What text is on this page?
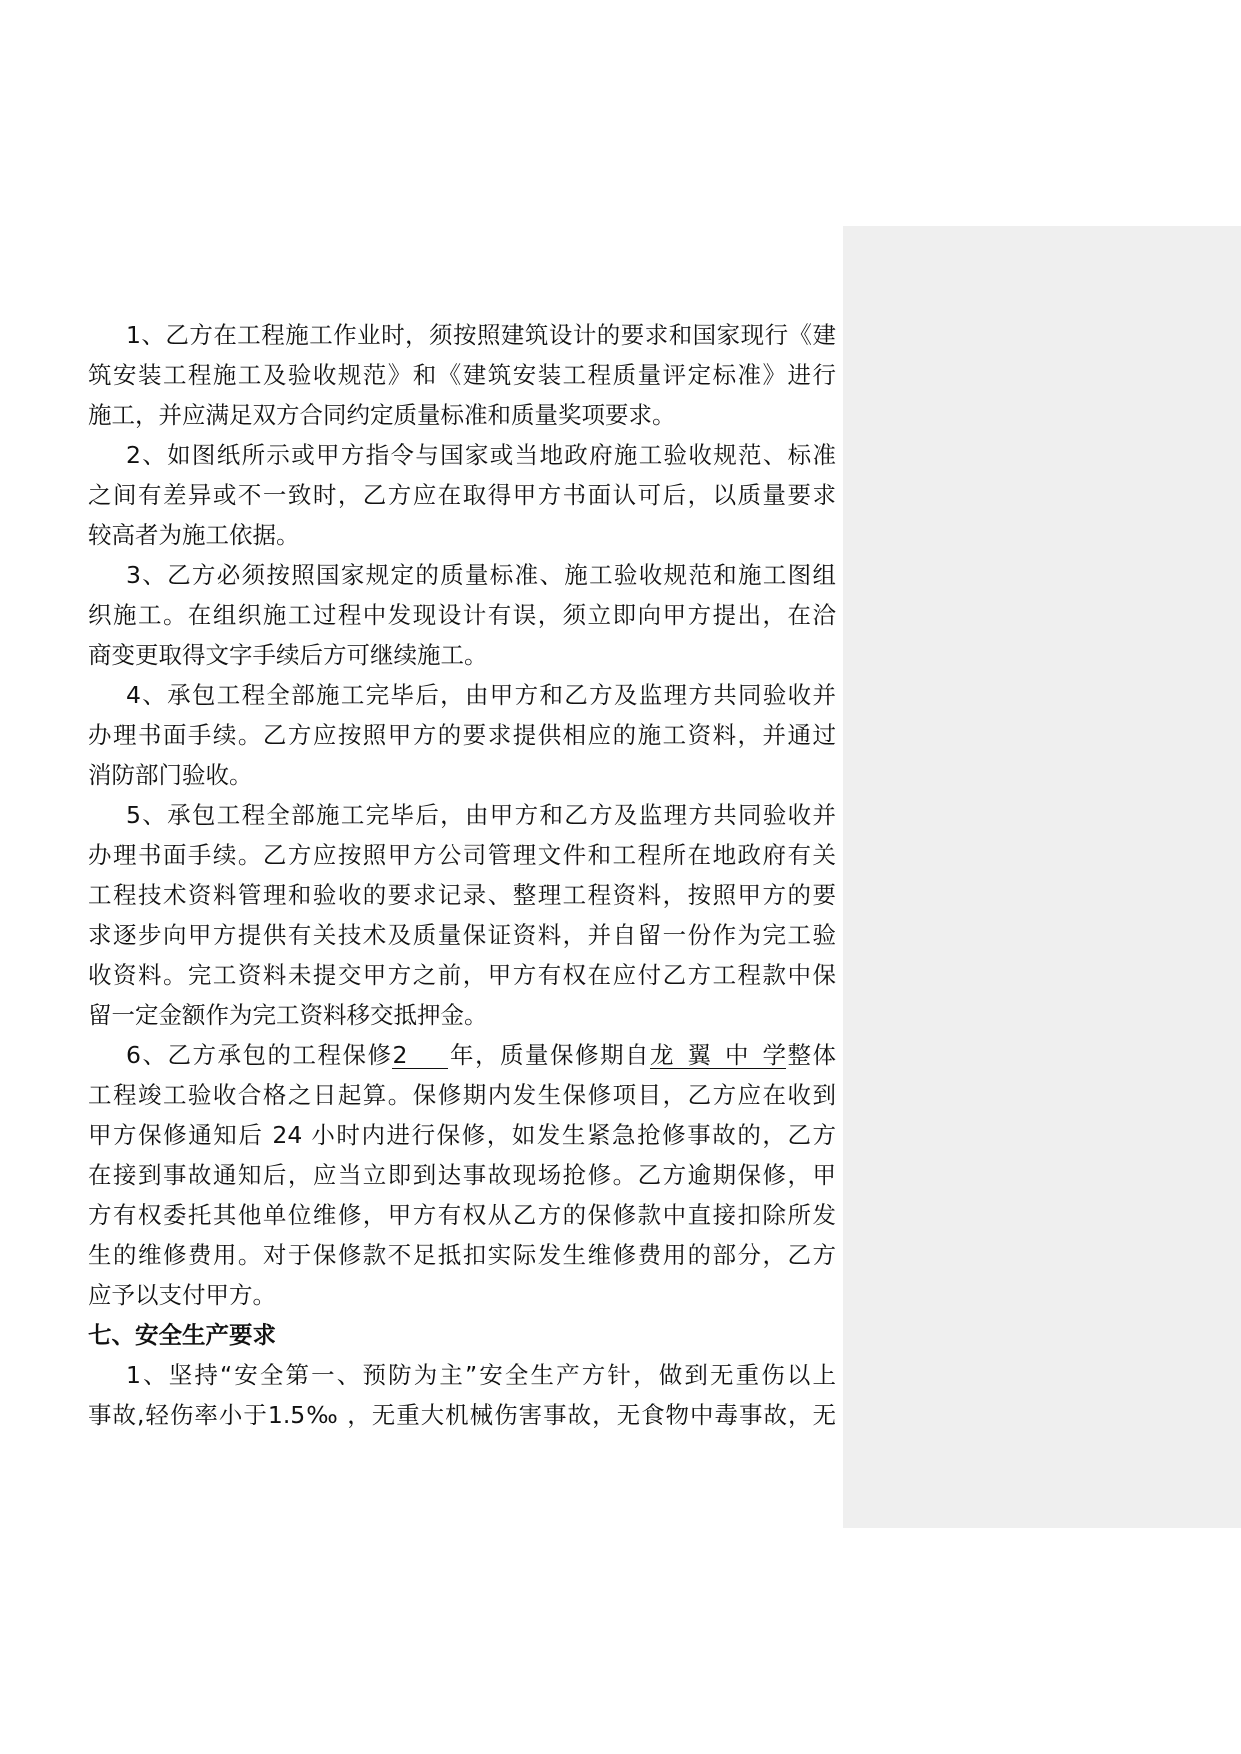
1、乙方在工程施工作业时，须按照建筑设计的要求和国家现行《建
筑安装工程施工及验收规范》和《建筑安装工程质量评定标准》进行
施工，并应满足双方合同约定质量标准和质量奖项要求。
2、如图纸所示或甲方指令与国家或当地政府施工验收规范、标准
之间有差异或不一致时，乙方应在取得甲方书面认可后，以质量要求
较高者为施工依据。
3、乙方必须按照国家规定的质量标准、施工验收规范和施工图组
织施工。在组织施工过程中发现设计有误，须立即向甲方提出，在洽
商变更取得文字手续后方可继续施工。
4、承包工程全部施工完毕后，由甲方和乙方及监理方共同验收并
办理书面手续。乙方应按照甲方的要求提供相应的施工资料，并通过
消防部门验收。
5、承包工程全部施工完毕后，由甲方和乙方及监理方共同验收并
办理书面手续。乙方应按照甲方公司管理文件和工程所在地政府有关
工程技术资料管理和验收的要求记录、整理工程资料，按照甲方的要
求逐步向甲方提供有关技术及质量保证资料，并自留一份作为完工验
收资料。完工资料未提交甲方之前，甲方有权在应付乙方工程款中保
留一定金额作为完工资料移交抵押金。
6、乙方承包的工程保修2 年，质量保修期自龙翼中学整体
工程竣工验收合格之日起算。保修期内发生保修项目，乙方应在收到
甲方保修通知后 24 小时内进行保修，如发生紧急抢修事故的，乙方
在接到事故通知后，应当立即到达事故现场抢修。乙方逾期保修，甲
方有权委托其他单位维修，甲方有权从乙方的保修款中直接扣除所发
生的维修费用。对于保修款不足抵扣实际发生维修费用的部分，乙方
应予以支付甲方。
七、安全生产要求
1、坚持“安全第一、预防为主”安全生产方针，做到无重伤以上
事故,轻伤率小于1.5‰ ，无重大机械伤害事故，无食物中毒事故，无
